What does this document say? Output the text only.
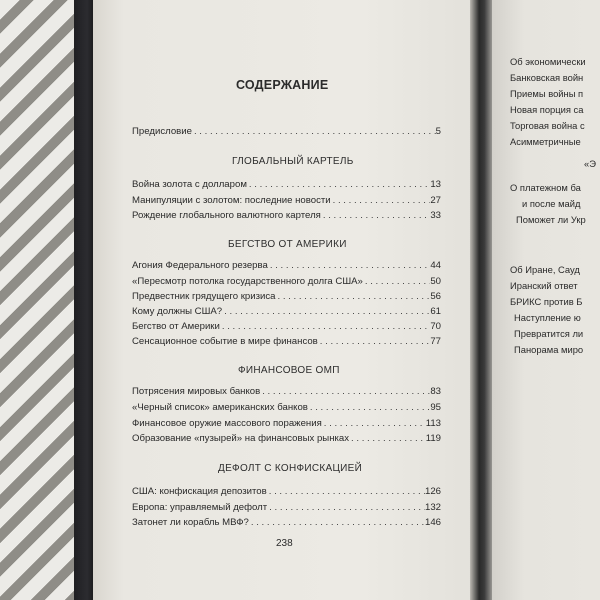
СОДЕРЖАНИЕ
Предисловие . . .	5
ГЛОБАЛЬНЫЙ КАРТЕЛЬ
Война золота с долларом . . .	13
Манипуляции с золотом: последние новости . . .	27
Рождение глобального валютного картеля . . .	33
БЕГСТВО ОТ АМЕРИКИ
Агония Федерального резерва . . .	44
«Пересмотр потолка государственного долга США» . . .	50
Предвестник грядущего кризиса . . .	56
Кому должны США? . . .	61
Бегство от Америки . . .	70
Сенсационное событие в мире финансов . . .	77
ФИНАНСОВОЕ ОМП
Потрясения мировых банков . . .	83
«Черный список» американских банков . . .	95
Финансовое оружие массового поражения . . .	113
Образование «пузырей» на финансовых рынках . . .	119
ДЕФОЛТ С КОНФИСКАЦИЕЙ
США: конфискация депозитов . . .	126
Европа: управляемый дефолт . . .	132
Затонет ли корабль МВФ? . . .	146
238
Об экономически
Банковская войн
Приемы войны п
Новая порция са
Торговая война с
Асимметричные
«Э
О платежном ба
и после майд
Поможет ли Укр
Об Иране, Сауд
Иранский ответ
БРИКС против Б
Наступление ю
Превратится ли
Панорама миро
